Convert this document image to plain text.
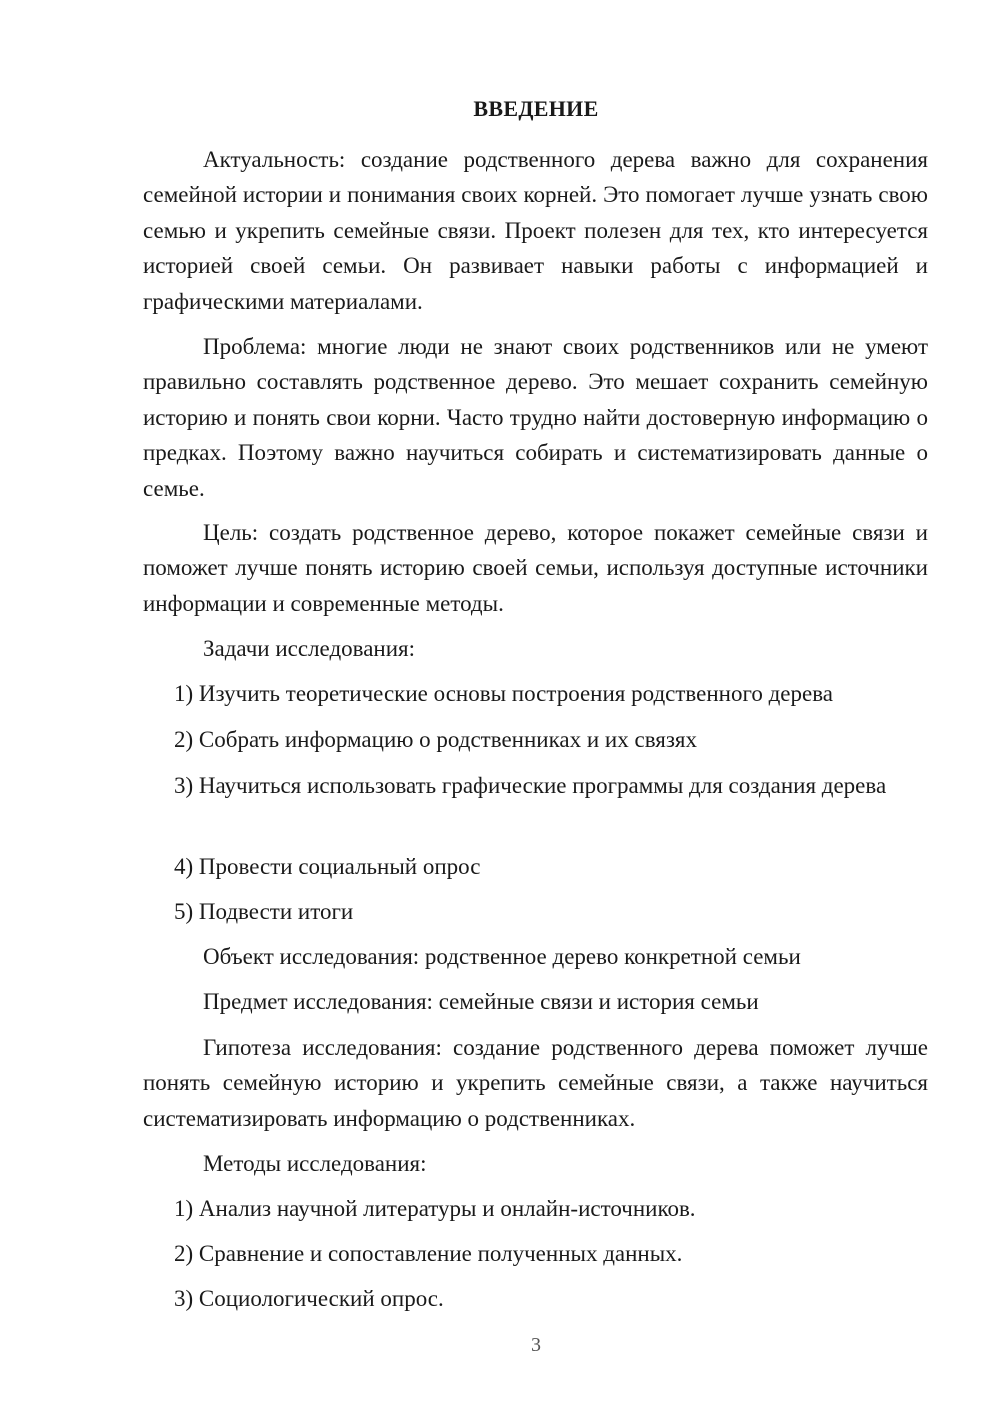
ВВЕДЕНИЕ

Актуальность: создание родственного дерева важно для сохранения семейной истории и понимания своих корней. Это помогает лучше узнать свою семью и укрепить семейные связи. Проект полезен для тех, кто интересуется историей своей семьи. Он развивает навыки работы с информацией и графическими материалами.

Проблема: многие люди не знают своих родственников или не умеют правильно составлять родственное дерево. Это мешает сохранить семейную историю и понять свои корни. Часто трудно найти достоверную информацию о предках. Поэтому важно научиться собирать и систематизировать данные о семье.

Цель: создать родственное дерево, которое покажет семейные связи и поможет лучше понять историю своей семьи, используя доступные источники информации и современные методы.

Задачи исследования:

1) Изучить теоретические основы построения родственного дерева

2) Собрать информацию о родственниках и их связях

3) Научиться использовать графические программы для создания дерева

4) Провести социальный опрос

5) Подвести итоги

Объект исследования: родственное дерево конкретной семьи

Предмет исследования: семейные связи и история семьи

Гипотеза исследования: создание родственного дерева поможет лучше понять семейную историю и укрепить семейные связи, а также научиться систематизировать информацию о родственниках.

Методы исследования:

1) Анализ научной литературы и онлайн-источников.

2) Сравнение и сопоставление полученных данных.

3) Социологический опрос.

3
